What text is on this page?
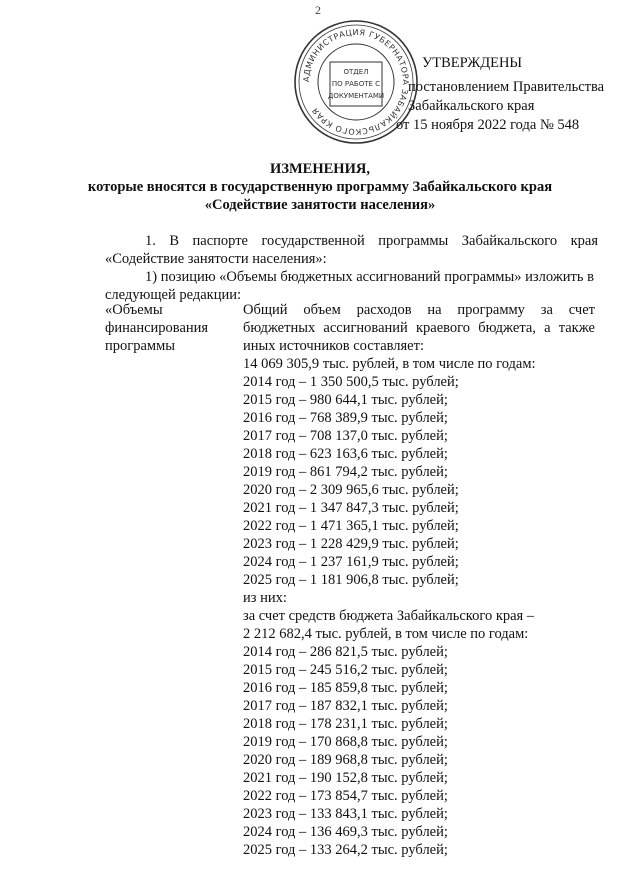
2
АДМИНИСТРАЦИЯ ГУБЕРНАТОРА ЗАБАЙКАЛЬСКОГО КРАЯ
ОТДЕЛ
ПО РАБОТЕ С
ДОКУМЕНТАМИ
УТВЕРЖДЕНЫ
постановлением Правительства
Забайкальского края
от 15 ноября 2022 года № 548
ИЗМЕНЕНИЯ,
которые вносятся в государственную программу Забайкальского края
«Содействие занятости населения»
1. В паспорте государственной программы Забайкальского края «Содействие занятости населения»:
1) позицию «Объемы бюджетных ассигнований программы» изложить в следующей редакции:
«Объемы
финансирования
программы
Общий объем расходов на программу за счет бюджетных ассигнований краевого бюджета, а также иных источников составляет:
14 069 305,9 тыс. рублей, в том числе по годам:
2014 год – 1 350 500,5 тыс. рублей;
2015 год – 980 644,1 тыс. рублей;
2016 год – 768 389,9 тыс. рублей;
2017 год – 708 137,0 тыс. рублей;
2018 год – 623 163,6 тыс. рублей;
2019 год – 861 794,2 тыс. рублей;
2020 год – 2 309 965,6 тыс. рублей;
2021 год – 1 347 847,3 тыс. рублей;
2022 год – 1 471 365,1 тыс. рублей;
2023 год – 1 228 429,9 тыс. рублей;
2024 год – 1 237 161,9 тыс. рублей;
2025 год – 1 181 906,8 тыс. рублей;
из них:
за счет средств бюджета Забайкальского края –
2 212 682,4 тыс. рублей, в том числе по годам:
2014 год – 286 821,5 тыс. рублей;
2015 год – 245 516,2 тыс. рублей;
2016 год – 185 859,8 тыс. рублей;
2017 год – 187 832,1 тыс. рублей;
2018 год – 178 231,1 тыс. рублей;
2019 год – 170 868,8 тыс. рублей;
2020 год – 189 968,8 тыс. рублей;
2021 год – 190 152,8 тыс. рублей;
2022 год – 173 854,7 тыс. рублей;
2023 год – 133 843,1 тыс. рублей;
2024 год – 136 469,3 тыс. рублей;
2025 год – 133 264,2 тыс. рублей;
